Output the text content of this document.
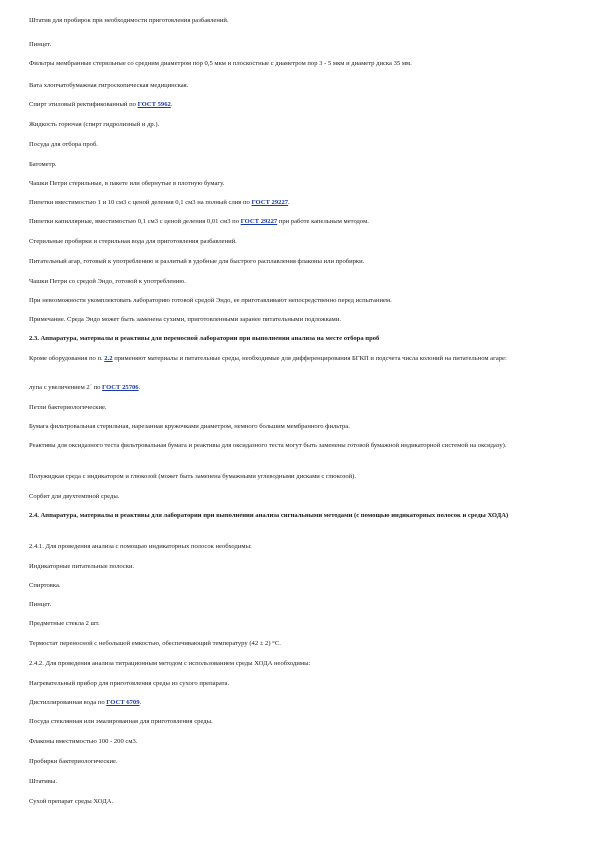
Штатив для пробирок при необходимости приготовления разбавлений.
Пинцет.
Фильтры мембранные стерильные со средним диаметром пор 0,5 мкм и плоскостные с диаметром пор 3 - 5 мкм и диаметр диска 35 мм.
Вата хлопчатобумажная гигроскопическая медицинская.
Спирт этиловый ректификованный по ГОСТ 5962.
Жидкость горючая (спирт гидролизный и др.).
Посуда для отбора проб.
Батометр.
Чашки Петри стерильные, в пакете или обернутые в плотную бумагу.
Пипетки вместимостью 1 и 10 см3 с ценой деления 0,1 см3 на полный слив по ГОСТ 29227.
Пипетки капиллярные, вместимостью 0,1 см3 с ценой деления 0,01 см3 по ГОСТ 29227 при работе капельным методом.
Стерильные пробирки и стерильная вода для приготовления разбавлений.
Питательный агар, готовый к употреблению и разлитый в удобные для быстрого расплавления флаконы или пробирки.
Чашки Петри со средой Эндо, готовой к употреблению.
При невозможности укомплектовать лабораторию готовой средой Эндо, ее приготавливают непосредственно перед испытанием.
Примечание. Среда Эндо может быть заменена сухими, приготовленными заранее питательными подложками.
2.3. Аппаратура, материалы и реактивы для переносной лаборатории при выполнении анализа на месте отбора проб
Кроме оборудования по п. 2.2 применяют материалы и питательные среды, необходимые для дифференцирования БГКП и подсчета числа колоний на питательном агаре:
лупа с увеличением 2´ по ГОСТ 25706.
Петли бактериологические.
Бумага фильтровальная стерильная, нарезанная кружочками диаметром, немного большим мембранного фильтра.
Реактивы для оксидазного теста фильтровальная бумага и реактивы для оксидазного теста могут быть заменены готовой бумажной индикаторной системой на оксидазу).
Полужидкая среда с индикатором и глюкозой (может быть заменена бумажными углеводными дисками с глюкозой).
Сорбит для двухтемпной среды.
2.4. Аппаратура, материалы и реактивы для лаборатории при выполнении анализа сигнальными методами (с помощью индикаторных полосок и среды ХОДА)
2.4.1. Для проведения анализа с помощью индикаторных полосок необходимы:
Индикаторные питательные полоски.
Спиртовка.
Пинцет.
Предметные стекла 2 шт.
Термостат переносной с небольшой емкостью, обеспечивающий температуру (42 ± 2) °С.
2.4.2. Для проведения анализа титрационным методом с использованием среды ХОДА необходимы:
Нагревательный прибор для приготовления среды из сухого препарата.
Дистиллированная вода по ГОСТ 6709.
Посуда стеклянная или эмалированная для приготовления среды.
Флаконы вместимостью 100 - 200 см3.
Пробирки бактериологические.
Штативы.
Сухой препарат среды ХОДА.
